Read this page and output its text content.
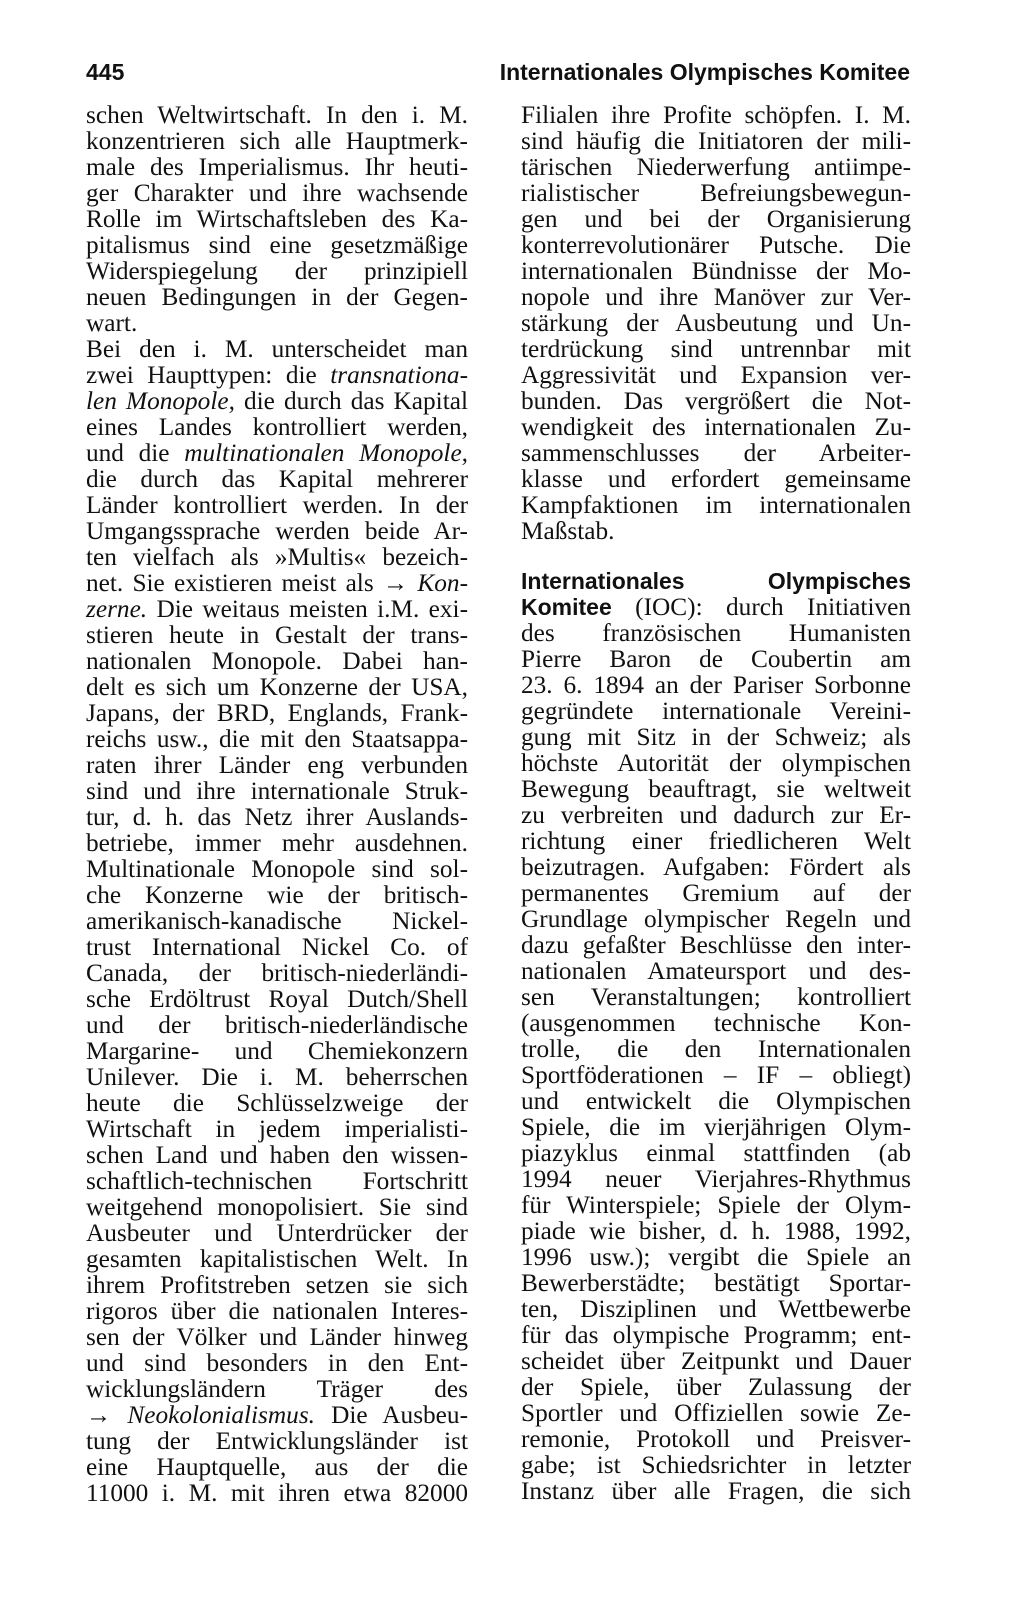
445	Internationales Olympisches Komitee
schen Weltwirtschaft. In den i. M.
konzentrieren sich alle Hauptmerk-
male des Imperialismus. Ihr heuti-
ger Charakter und ihre wachsende
Rolle im Wirtschaftsleben des Ka-
pitalismus sind eine gesetzmäßige
Widerspiegelung der prinzipiell
neuen Bedingungen in der Gegen-
wart.
Bei den i. M. unterscheidet man
zwei Haupttypen: die transnationa-
len Monopole, die durch das Kapital
eines Landes kontrolliert werden,
und die multinationalen Monopole,
die durch das Kapital mehrerer
Länder kontrolliert werden. In der
Umgangssprache werden beide Ar-
ten vielfach als »Multis« bezeich-
net. Sie existieren meist als → Kon-
zerne. Die weitaus meisten i.M. exi-
stieren heute in Gestalt der trans-
nationalen Monopole. Dabei han-
delt es sich um Konzerne der USA,
Japans, der BRD, Englands, Frank-
reichs usw., die mit den Staatsappa-
raten ihrer Länder eng verbunden
sind und ihre internationale Struk-
tur, d. h. das Netz ihrer Auslands-
betriebe, immer mehr ausdehnen.
Multinationale Monopole sind sol-
che Konzerne wie der britisch-
amerikanisch-kanadische Nickel-
trust International Nickel Co. of
Canada, der britisch-niederländi-
sche Erdöltrust Royal Dutch/Shell
und der britisch-niederländische
Margarine- und Chemiekonzern
Unilever. Die i. M. beherrschen
heute die Schlüsselzweige der
Wirtschaft in jedem imperialisti-
schen Land und haben den wissen-
schaftlich-technischen Fortschritt
weitgehend monopolisiert. Sie sind
Ausbeuter und Unterdrücker der
gesamten kapitalistischen Welt. In
ihrem Profitstreben setzen sie sich
rigoros über die nationalen Interes-
sen der Völker und Länder hinweg
und sind besonders in den Ent-
wicklungsländern Träger des
→ Neokolonialismus. Die Ausbeu-
tung der Entwicklungsländer ist
eine Hauptquelle, aus der die
11000 i. M. mit ihren etwa 82000
Filialen ihre Profite schöpfen. I. M.
sind häufig die Initiatoren der mili-
tärischen Niederwerfung antiimpe-
rialistischer Befreiungsbewegun-
gen und bei der Organisierung
konterrevolutionärer Putsche. Die
internationalen Bündnisse der Mo-
nopole und ihre Manöver zur Ver-
stärkung der Ausbeutung und Un-
terdrückung sind untrennbar mit
Aggressivität und Expansion ver-
bunden. Das vergrößert die Not-
wendigkeit des internationalen Zu-
sammenschlusses der Arbeiter-
klasse und erfordert gemeinsame
Kampfaktionen im internationalen
Maßstab.
Internationales Olympisches
Komitee (IOC): durch Initiativen
des französischen Humanisten
Pierre Baron de Coubertin am
23. 6. 1894 an der Pariser Sorbonne
gegründete internationale Vereini-
gung mit Sitz in der Schweiz; als
höchste Autorität der olympischen
Bewegung beauftragt, sie weltweit
zu verbreiten und dadurch zur Er-
richtung einer friedlicheren Welt
beizutragen. Aufgaben: Fördert als
permanentes Gremium auf der
Grundlage olympischer Regeln und
dazu gefaßter Beschlüsse den inter-
nationalen Amateursport und des-
sen Veranstaltungen; kontrolliert
(ausgenommen technische Kon-
trolle, die den Internationalen
Sportföderationen – IF – obliegt)
und entwickelt die Olympischen
Spiele, die im vierjährigen Olym-
piazyklus einmal stattfinden (ab
1994 neuer Vierjahres-Rhythmus
für Winterspiele; Spiele der Olym-
piade wie bisher, d. h. 1988, 1992,
1996 usw.); vergibt die Spiele an
Bewerberstädte; bestätigt Sportar-
ten, Disziplinen und Wettbewerbe
für das olympische Programm; ent-
scheidet über Zeitpunkt und Dauer
der Spiele, über Zulassung der
Sportler und Offiziellen sowie Ze-
remonie, Protokoll und Preisver-
gabe; ist Schiedsrichter in letzter
Instanz über alle Fragen, die sich
